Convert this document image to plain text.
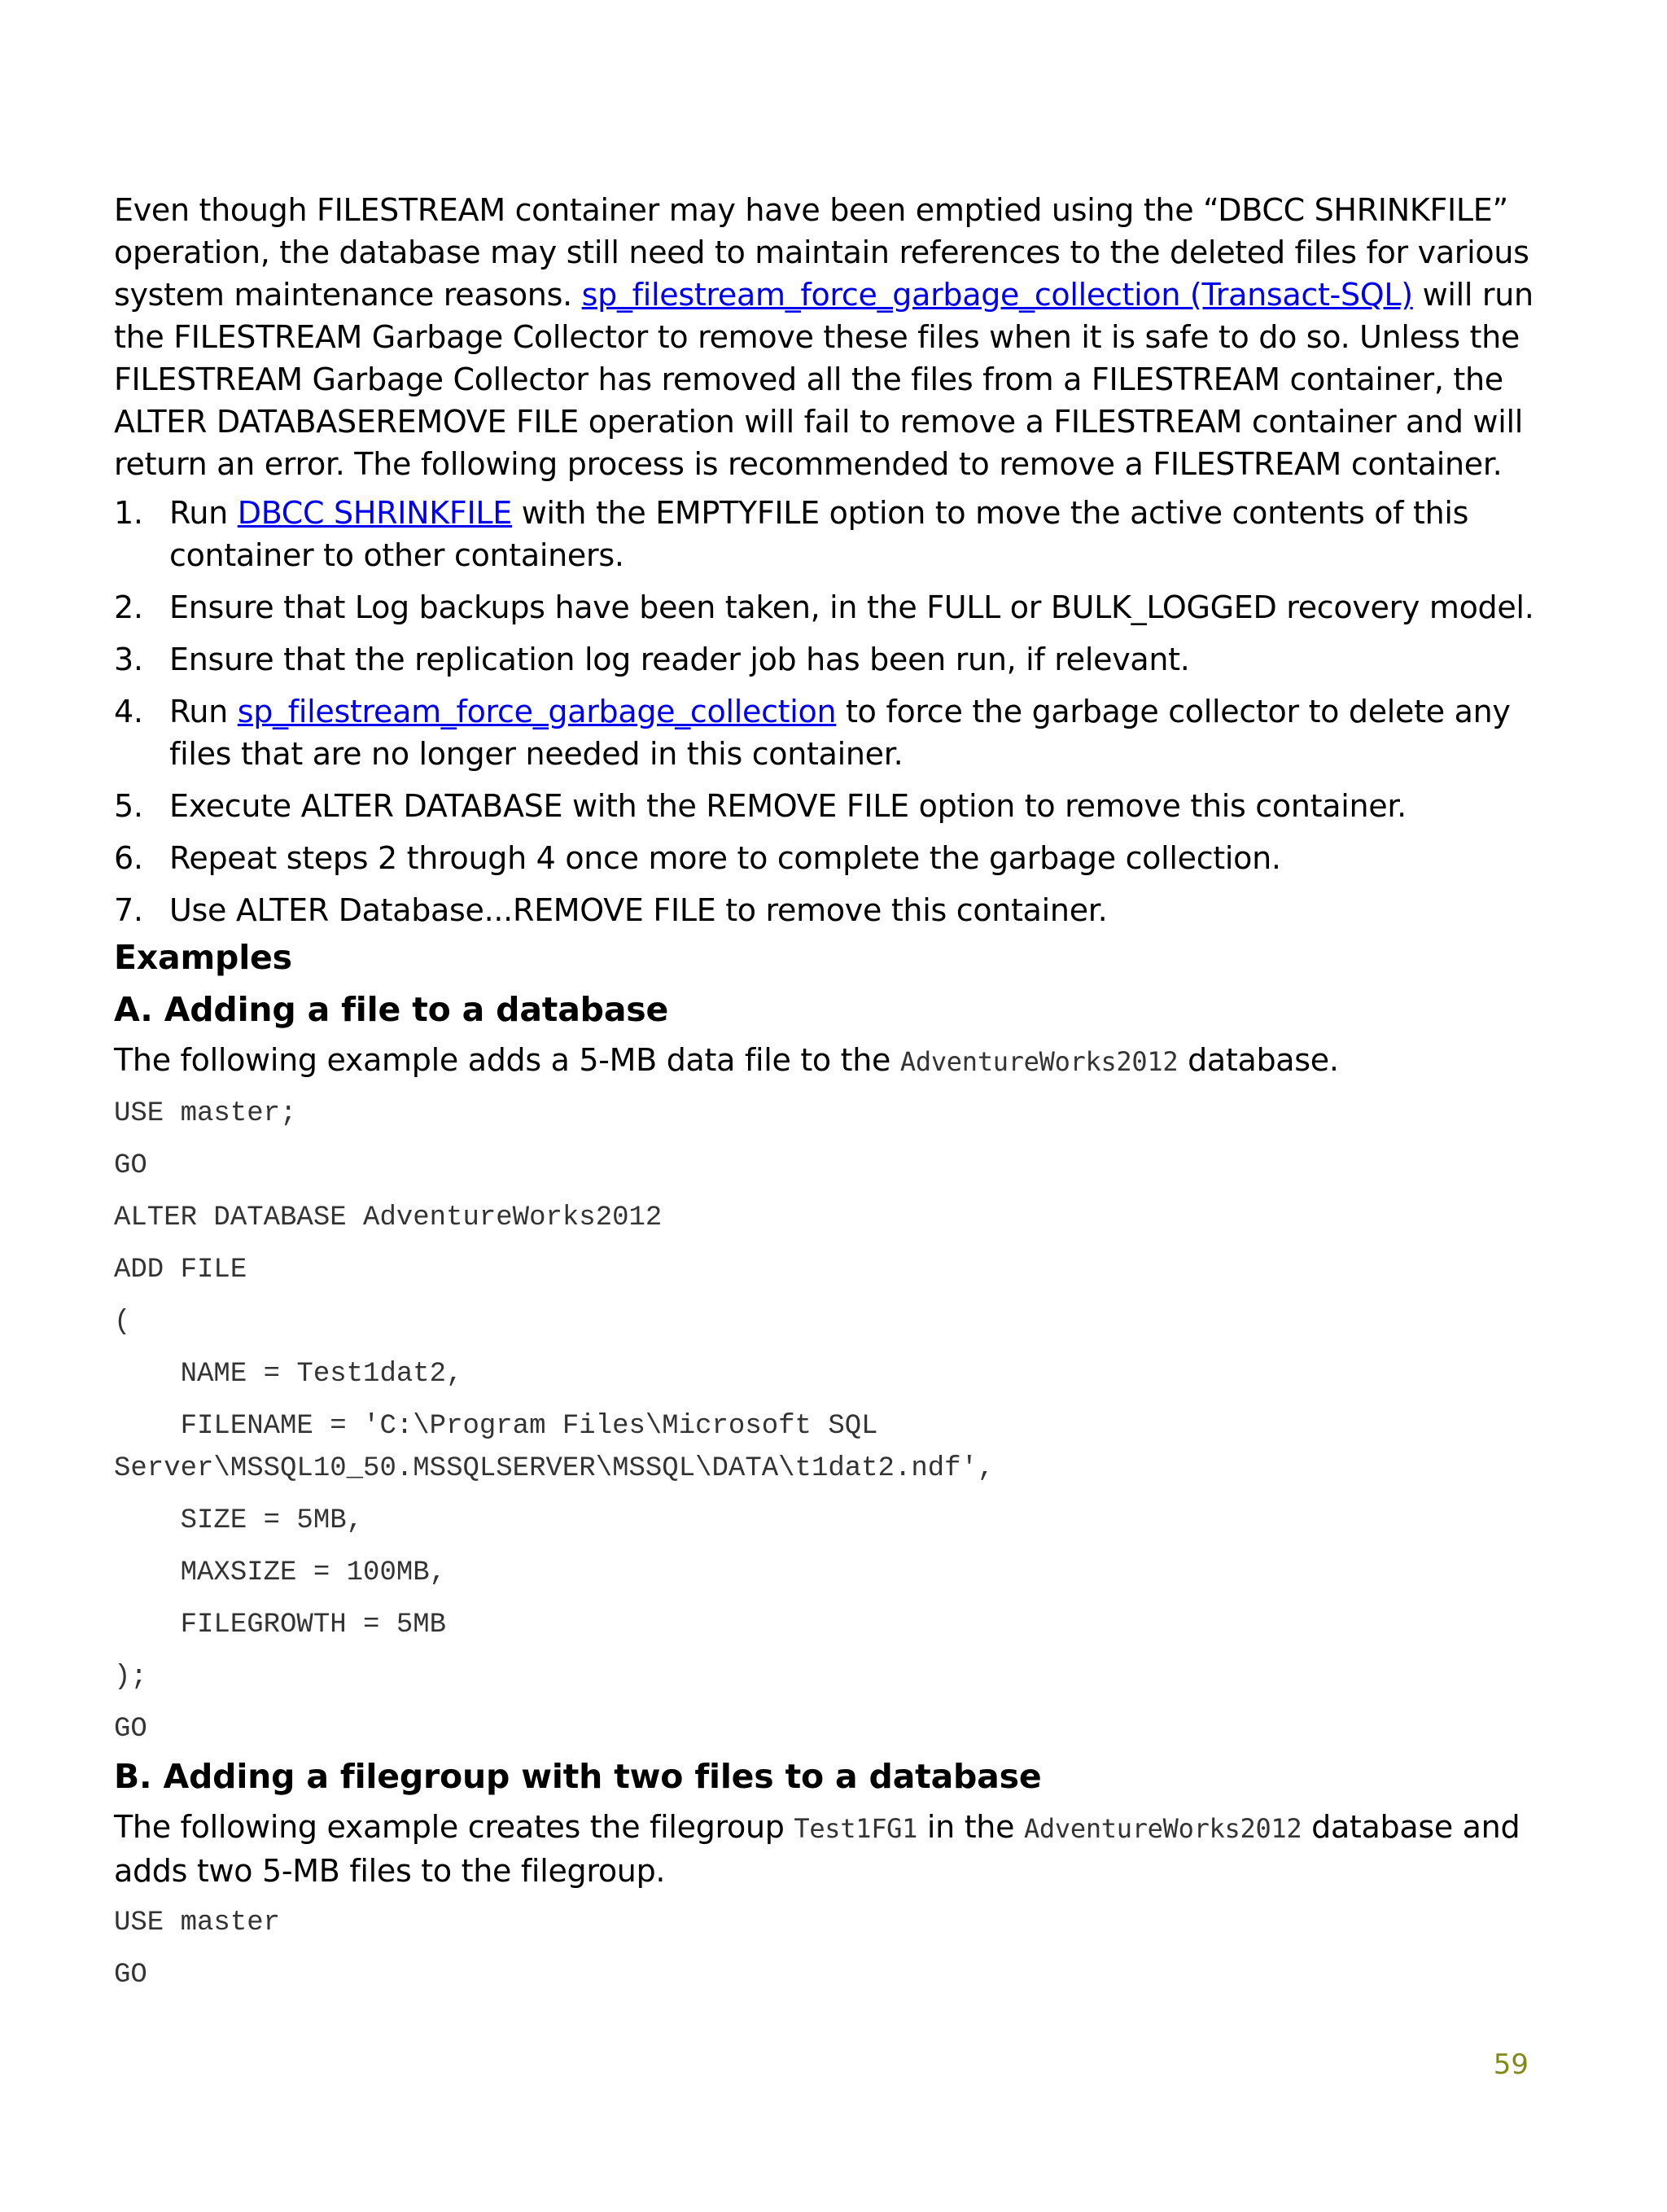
Even though FILESTREAM container may have been emptied using the “DBCC SHRINKFILE” operation, the database may still need to maintain references to the deleted files for various system maintenance reasons. sp_filestream_force_garbage_collection (Transact-SQL) will run the FILESTREAM Garbage Collector to remove these files when it is safe to do so. Unless the FILESTREAM Garbage Collector has removed all the files from a FILESTREAM container, the ALTER DATABASEREMOVE FILE operation will fail to remove a FILESTREAM container and will return an error. The following process is recommended to remove a FILESTREAM container.

1. Run DBCC SHRINKFILE with the EMPTYFILE option to move the active contents of this container to other containers.
2. Ensure that Log backups have been taken, in the FULL or BULK_LOGGED recovery model.
3. Ensure that the replication log reader job has been run, if relevant.
4. Run sp_filestream_force_garbage_collection to force the garbage collector to delete any files that are no longer needed in this container.
5. Execute ALTER DATABASE with the REMOVE FILE option to remove this container.
6. Repeat steps 2 through 4 once more to complete the garbage collection.
7. Use ALTER Database...REMOVE FILE to remove this container.
Examples
A. Adding a file to a database

The following example adds a 5-MB data file to the AdventureWorks2012 database.

USE master;
GO
ALTER DATABASE AdventureWorks2012
ADD FILE
(
NAME = Test1dat2,
FILENAME = 'C:\Program Files\Microsoft SQL
Server\MSSQL10_50.MSSQLSERVER\MSSQL\DATA\t1dat2.ndf',
SIZE = 5MB,
MAXSIZE = 100MB,
FILEGROWTH = 5MB
);
GO
B. Adding a filegroup with two files to a database

The following example creates the filegroup Test1FG1 in the AdventureWorks2012 database and adds two 5-MB files to the filegroup.

USE master
GO
59
